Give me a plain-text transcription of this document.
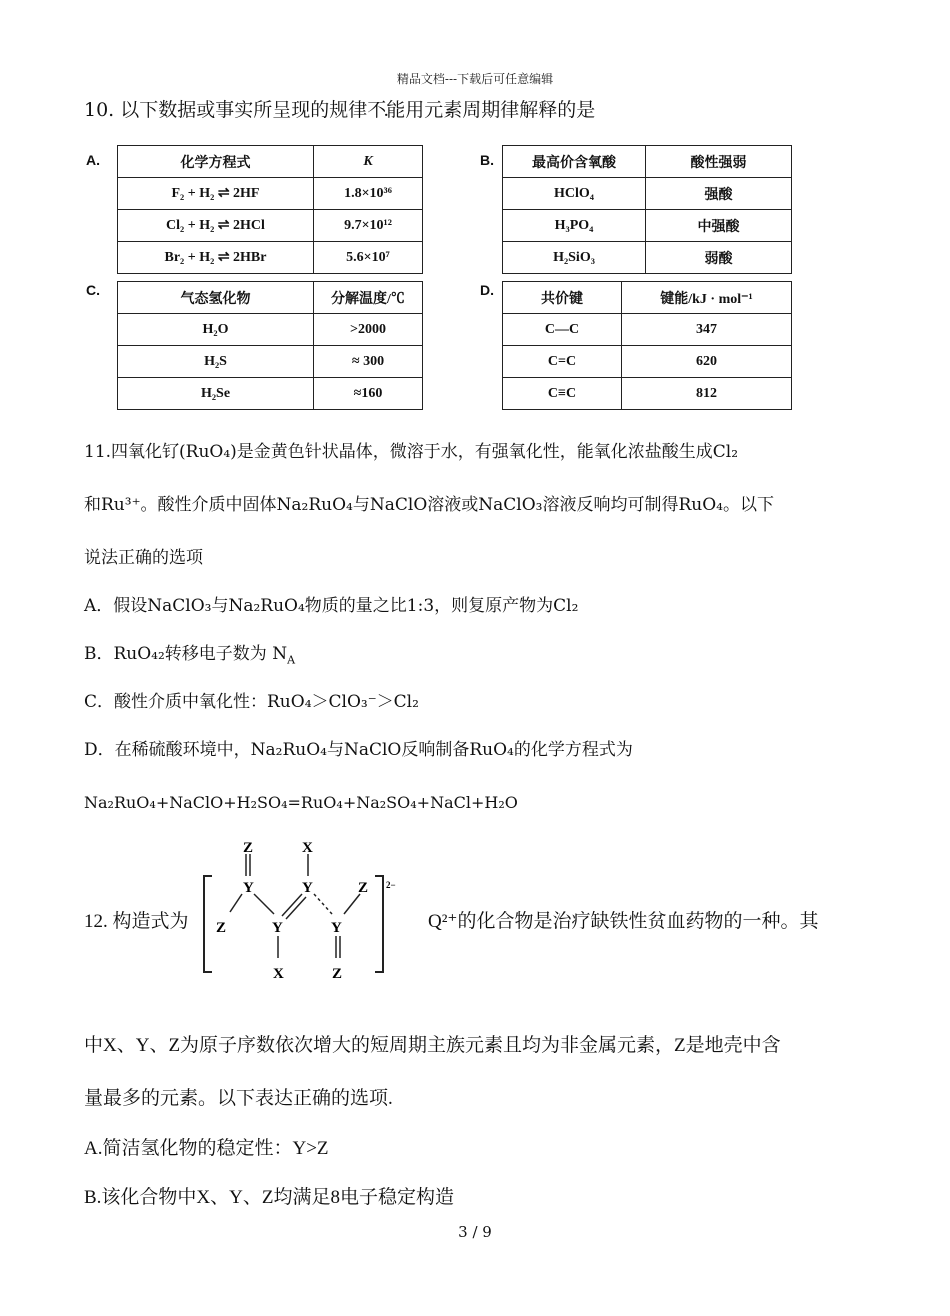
精品文档---下载后可任意编辑
10. 以下数据或事实所呈现的规律不能用元素周期律解释的是
A.	化学方程式	K
F₂ + H₂ ⇌ 2HF	1.8×10³⁶
Cl₂ + H₂ ⇌ 2HCl	9.7×10¹²
Br₂ + H₂ ⇌ 2HBr	5.6×10⁷
B.	最高价含氧酸	酸性强弱
HClO₄	强酸
H₃PO₄	中强酸
H₂SiO₃	弱酸
C.
气态氢化物	分解温度/℃
H₂O	>2000
H₂S	≈ 300
H₂Se	≈160
D.
共价键	键能/kJ · mol⁻¹
C—C	347
C=C	620
C≡C	812
11.四氧化钌(RuO₄)是金黄色针状晶体，微溶于水，有强氧化性，能氧化浓盐酸生成Cl₂
和Ru³⁺。酸性介质中固体Na₂RuO₄与NaClO溶液或NaClO₃溶液反响均可制得RuO₄。以下
说法正确的选项
A．假设NaClO₃与Na₂RuO₄物质的量之比1:3，则复原产物为Cl₂
B．RuO₄₂转移电子数为 $N_A$
C．酸性介质中氧化性：RuO₄＞ClO₃⁻＞Cl₂
D．在稀硫酸环境中，Na₂RuO₄与NaClO反响制备RuO₄的化学方程式为
Na₂RuO₄+NaClO+H₂SO₄=RuO₄+Na₂SO₄+NaCl+H₂O
12. 构造式为
Z	X
Y	Y	Z
Y	Y
Z
X	Z
2−
Q²⁺的化合物是治疗缺铁性贫血药物的一种。其
中X、Y、Z为原子序数依次增大的短周期主族元素且均为非金属元素，Z是地壳中含
量最多的元素。以下表达正确的选项.
A.简洁氢化物的稳定性：Y>Z
B.该化合物中X、Y、Z均满足8电子稳定构造
3 / 9
